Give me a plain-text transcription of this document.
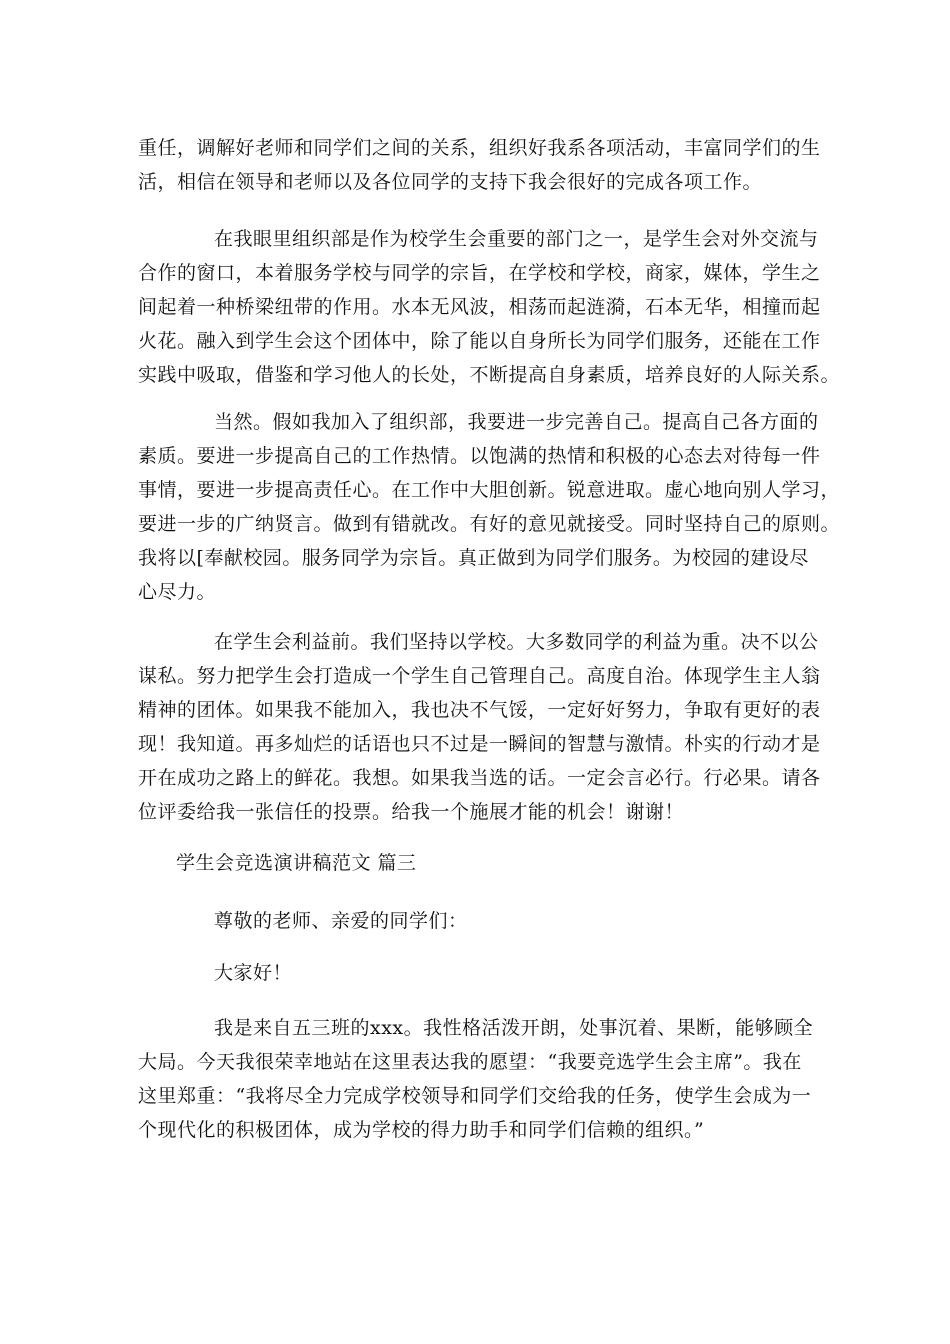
重任，调解好老师和同学们之间的关系，组织好我系各项活动，丰富同学们的生
活，相信在领导和老师以及各位同学的支持下我会很好的完成各项工作。
在我眼里组织部是作为校学生会重要的部门之一，是学生会对外交流与
合作的窗口，本着服务学校与同学的宗旨，在学校和学校，商家，媒体，学生之
间起着一种桥梁纽带的作用。水本无风波，相荡而起涟漪，石本无华，相撞而起
火花。融入到学生会这个团体中，除了能以自身所长为同学们服务，还能在工作
实践中吸取，借鉴和学习他人的长处，不断提高自身素质，培养良好的人际关系。
当然。假如我加入了组织部，我要进一步完善自己。提高自己各方面的
素质。要进一步提高自己的工作热情。以饱满的热情和积极的心态去对待每一件
事情，要进一步提高责任心。在工作中大胆创新。锐意进取。虚心地向别人学习，
要进一步的广纳贤言。做到有错就改。有好的意见就接受。同时坚持自己的原则。
我将以[奉献校园。服务同学为宗旨。真正做到为同学们服务。为校园的建设尽
心尽力。
在学生会利益前。我们坚持以学校。大多数同学的利益为重。决不以公
谋私。努力把学生会打造成一个学生自己管理自己。高度自治。体现学生主人翁
精神的团体。如果我不能加入，我也决不气馁，一定好好努力，争取有更好的表
现！我知道。再多灿烂的话语也只不过是一瞬间的智慧与激情。朴实的行动才是
开在成功之路上的鲜花。我想。如果我当选的话。一定会言必行。行必果。请各
位评委给我一张信任的投票。给我一个施展才能的机会！谢谢！
学生会竞选演讲稿范文 篇三
尊敬的老师、亲爱的同学们：
大家好！
我是来自五三班的xxx。我性格活泼开朗，处事沉着、果断，能够顾全
大局。今天我很荣幸地站在这里表达我的愿望：“我要竞选学生会主席”。我在
这里郑重：“我将尽全力完成学校领导和同学们交给我的任务，使学生会成为一
个现代化的积极团体，成为学校的得力助手和同学们信赖的组织。”
